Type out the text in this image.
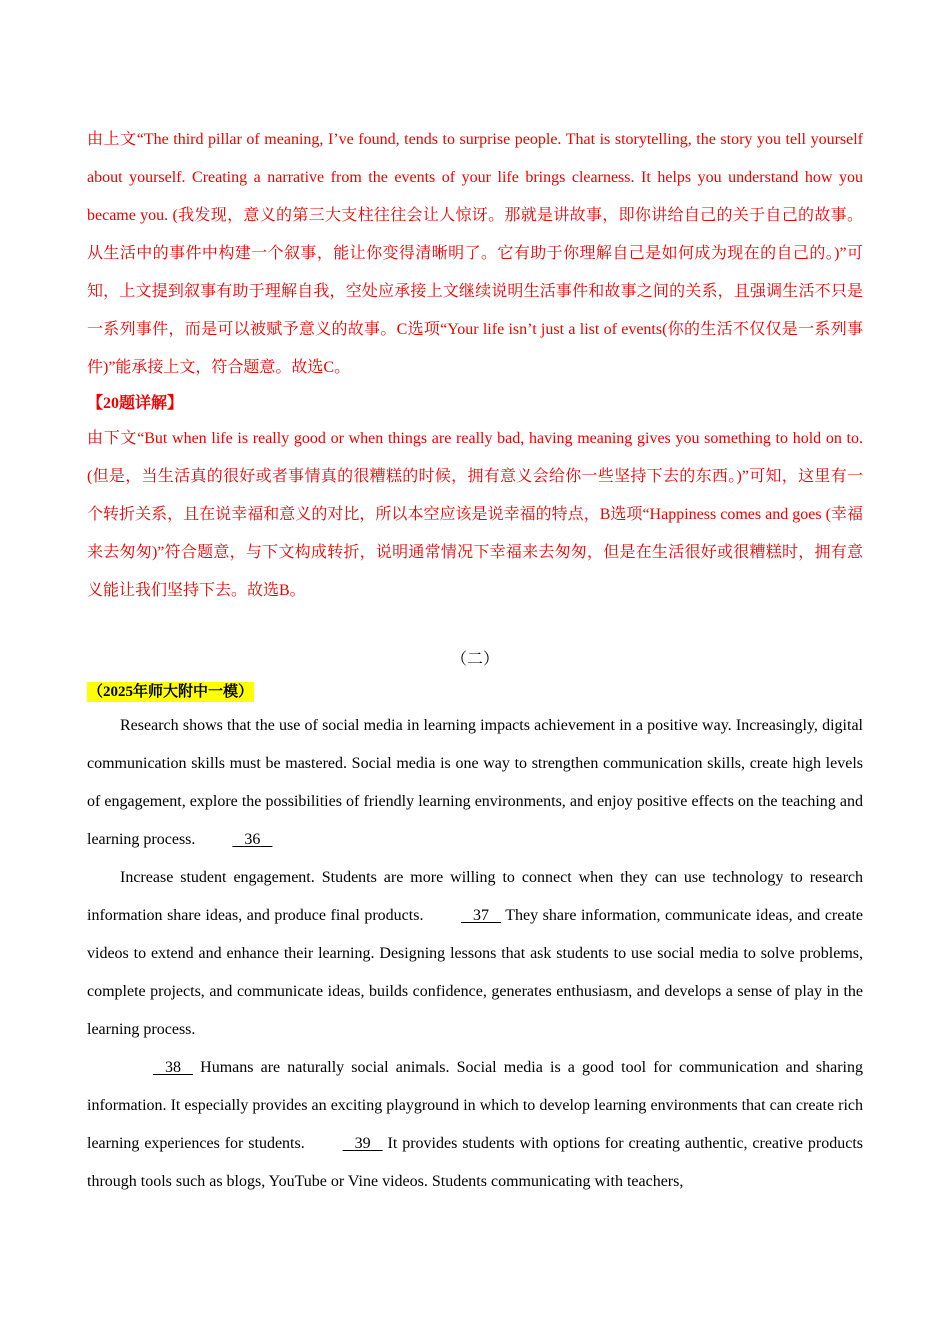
由上文“The third pillar of meaning, I’ve found, tends to surprise people. That is storytelling, the story you tell yourself about yourself. Creating a narrative from the events of your life brings clearness. It helps you understand how you became you. (我发现，意义的第三大支柱往往会让人惊讶。那就是讲故事，即你讲给自己的关于自己的故事。从生活中的事件中构建一个叙事，能让你变得清晰明了。它有助于你理解自己是如何成为现在的自己的。)”可知，上文提到叙事有助于理解自我，空处应承接上文继续说明生活事件和故事之间的关系，且强调生活不只是一系列事件，而是可以被赋予意义的故事。C选项“Your life isn’t just a list of events(你的生活不仅仅是一系列事件)”能承接上文，符合题意。故选C。

【20题详解】

由下文“But when life is really good or when things are really bad, having meaning gives you something to hold on to. (但是，当生活真的很好或者事情真的很糟糕的时候，拥有意义会给你一些坚持下去的东西。)”可知，这里有一个转折关系，且在说幸福和意义的对比，所以本空应该是说幸福的特点，B选项“Happiness comes and goes (幸福来去匆匆)”符合题意，与下文构成转折，说明通常情况下幸福来去匆匆，但是在生活很好或很糟糕时，拥有意义能让我们坚持下去。故选B。

（二）

（2025年师大附中一模）

Research shows that the use of social media in learning impacts achievement in a positive way. Increasingly, digital communication skills must be mastered. Social media is one way to strengthen communication skills, create high levels of engagement, explore the possibilities of friendly learning environments, and enjoy positive effects on the teaching and learning process.	36

Increase student engagement. Students are more willing to connect when they can use technology to research information share ideas, and produce final products.	37 They share information, communicate ideas, and create videos to extend and enhance their learning. Designing lessons that ask students to use social media to solve problems, complete projects, and communicate ideas, builds confidence, generates enthusiasm, and develops a sense of play in the learning process.

38 Humans are naturally social animals. Social media is a good tool for communication and sharing information. It especially provides an exciting playground in which to develop learning environments that can create rich learning experiences for students.	39 It provides students with options for creating authentic, creative products through tools such as blogs, YouTube or Vine videos. Students communicating with teachers,
